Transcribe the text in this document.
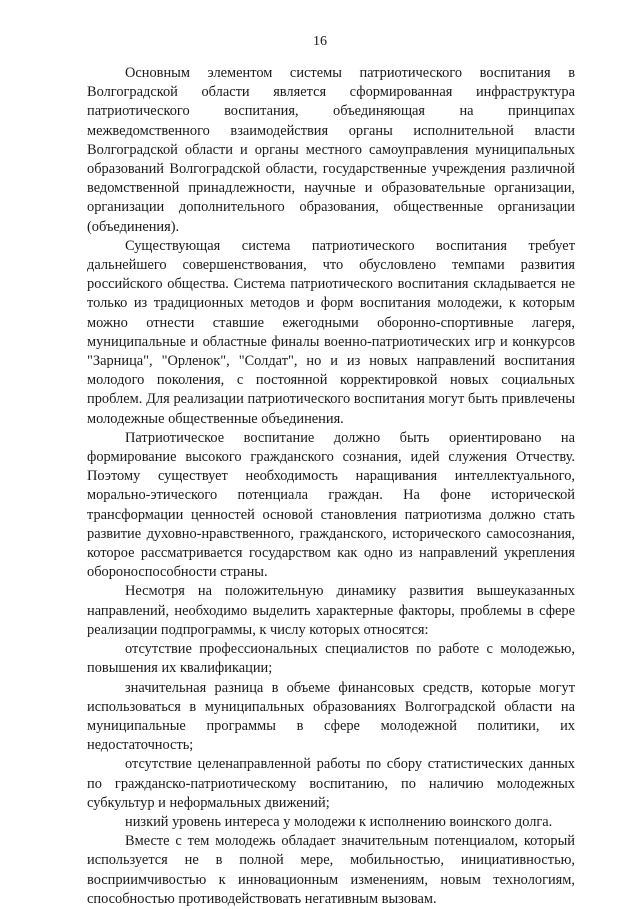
16

Основным элементом системы патриотического воспитания в Волгоградской области является сформированная инфраструктура патриотического воспитания, объединяющая на принципах межведомственного взаимодействия органы исполнительной власти Волгоградской области и органы местного самоуправления муниципальных образований Волгоградской области, государственные учреждения различной ведомственной принадлежности, научные и образовательные организации, организации дополнительного образования, общественные организации (объединения).

Существующая система патриотического воспитания требует дальнейшего совершенствования, что обусловлено темпами развития российского общества. Система патриотического воспитания складывается не только из традиционных методов и форм воспитания молодежи, к которым можно отнести ставшие ежегодными оборонно-спортивные лагеря, муниципальные и областные финалы военно-патриотических игр и конкурсов "Зарница", "Орленок", "Солдат", но и из новых направлений воспитания молодого поколения, с постоянной корректировкой новых социальных проблем. Для реализации патриотического воспитания могут быть привлечены молодежные общественные объединения.

Патриотическое воспитание должно быть ориентировано на формирование высокого гражданского сознания, идей служения Отчеству. Поэтому существует необходимость наращивания интеллектуального, морально-этического потенциала граждан. На фоне исторической трансформации ценностей основой становления патриотизма должно стать развитие духовно-нравственного, гражданского, исторического самосознания, которое рассматривается государством как одно из направлений укрепления обороноспособности страны.

Несмотря на положительную динамику развития вышеуказанных направлений, необходимо выделить характерные факторы, проблемы в сфере реализации подпрограммы, к числу которых относятся:

отсутствие профессиональных специалистов по работе с молодежью, повышения их квалификации;

значительная разница в объеме финансовых средств, которые могут использоваться в муниципальных образованиях Волгоградской области на муниципальные программы в сфере молодежной политики, их недостаточность;

отсутствие целенаправленной работы по сбору статистических данных по гражданско-патриотическому воспитанию, по наличию молодежных субкультур и неформальных движений;

низкий уровень интереса у молодежи к исполнению воинского долга.

Вместе с тем молодежь обладает значительным потенциалом, который используется не в полной мере, мобильностью, инициативностью, восприимчивостью к инновационным изменениям, новым технологиям, способностью противодействовать негативным вызовам.
